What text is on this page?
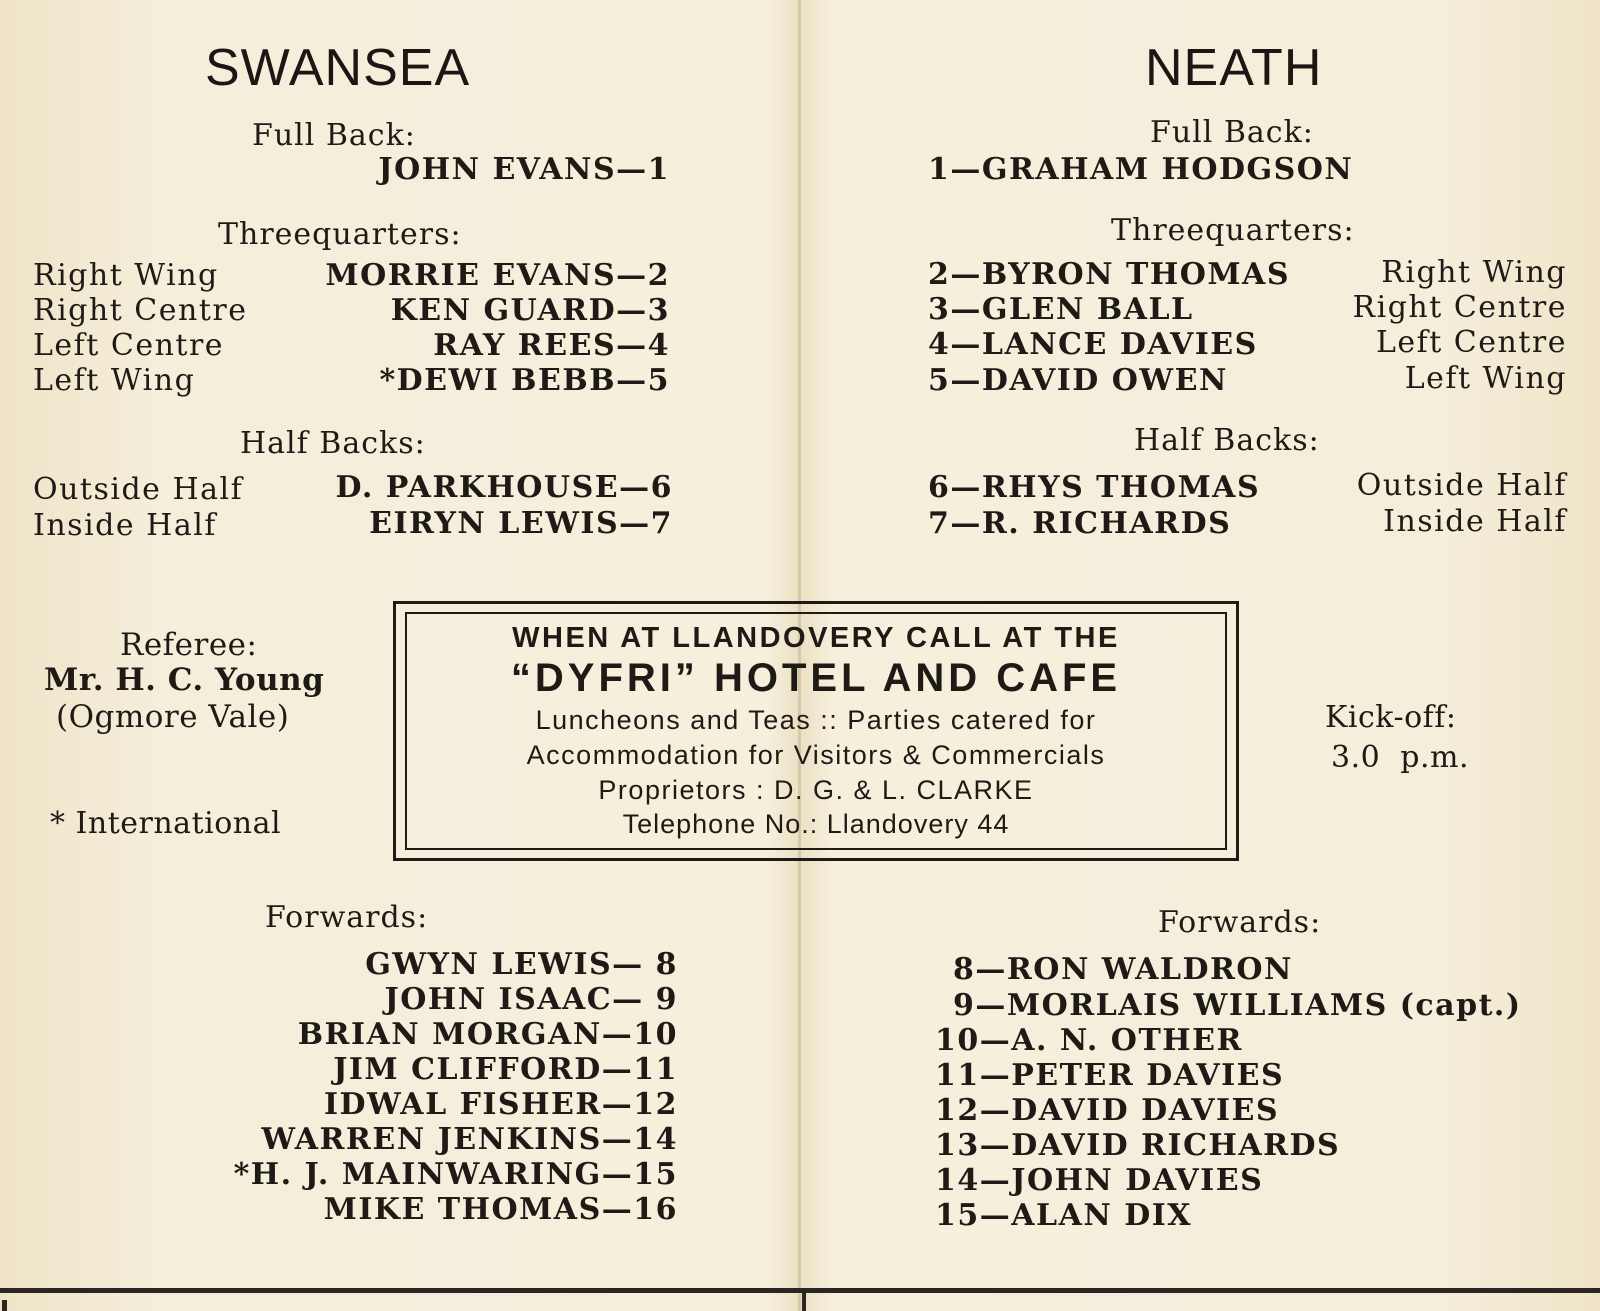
SWANSEA
Full Back:
JOHN EVANS—1
Threequarters:
Right Wing	MORRIE EVANS—2
Right Centre	KEN GUARD—3
Left Centre	RAY REES—4
Left Wing	*DEWI BEBB—5
Half Backs:
Outside Half	D. PARKHOUSE—6
Inside Half	EIRYN LEWIS—7
Forwards:
GWYN LEWIS— 8
JOHN ISAAC— 9
BRIAN MORGAN—10
JIM CLIFFORD—11
IDWAL FISHER—12
WARREN JENKINS—14
*H. J. MAINWARING—15
MIKE THOMAS—16
Referee:
Mr. H. C. Young
(Ogmore Vale)
* International
WHEN AT LLANDOVERY CALL AT THE
“DYFRI” HOTEL AND CAFE
Luncheons and Teas :: Parties catered for
Accommodation for Visitors & Commercials
Proprietors : D. G. & L. CLARKE
Telephone No.: Llandovery 44
Kick-off:
3.0  p.m.
NEATH
Full Back:
1—GRAHAM HODGSON
Threequarters:
2—BYRON THOMAS	Right Wing
3—GLEN BALL	Right Centre
4—LANCE DAVIES	Left Centre
5—DAVID OWEN	Left Wing
Half Backs:
6—RHYS THOMAS	Outside Half
7—R. RICHARDS	Inside Half
Forwards:
8—RON WALDRON
9—MORLAIS WILLIAMS (capt.)
10—A. N. OTHER
11—PETER DAVIES
12—DAVID DAVIES
13—DAVID RICHARDS
14—JOHN DAVIES
15—ALAN DIX
